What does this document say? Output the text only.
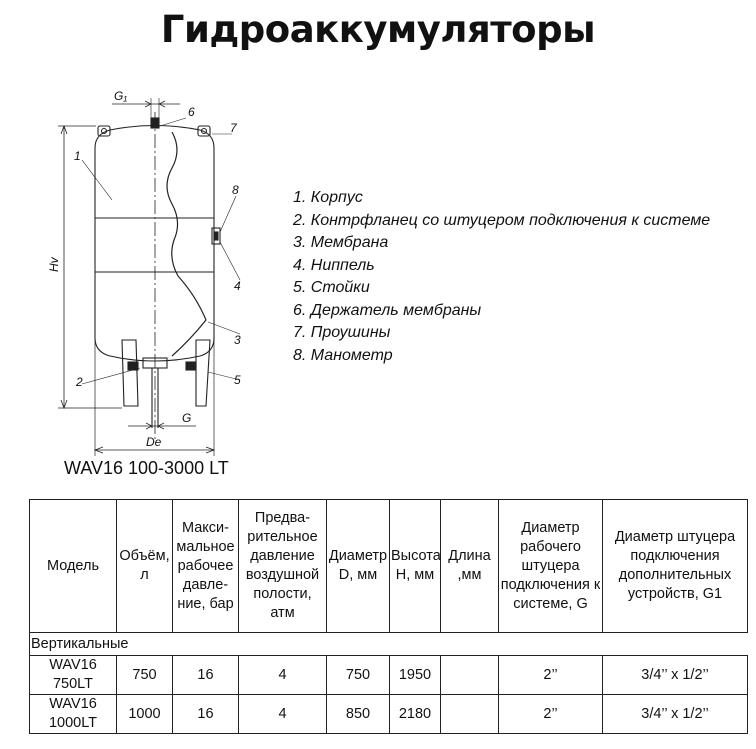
Гидроаккумуляторы
G₁
Hv
G
De
1
2
3
4
5
6
7
8	1. Корпус
2. Контрфланец со штуцером подключения к системе
3. Мембрана
4. Ниппель
5. Стойки
6. Держатель мембраны
7. Проушины
8. Манометр
WAV16 100-3000 LT
Модель	Объём, л	Макси-мальное рабочее давле-ние, бар	Предва-рительное давление воздушной полости, атм	Диаметр D, мм	Высота H, мм	Длина ,мм	Диаметр рабочего штуцера подключения к системе, G	Диаметр штуцера подключения дополнительных устройств, G1
Вертикальные								
WAV16 750LT	750	16	4	750	1950		2’’	3/4’’ x 1/2’’
WAV16 1000LT	1000	16	4	850	2180		2’’	3/4’’ x 1/2’’
